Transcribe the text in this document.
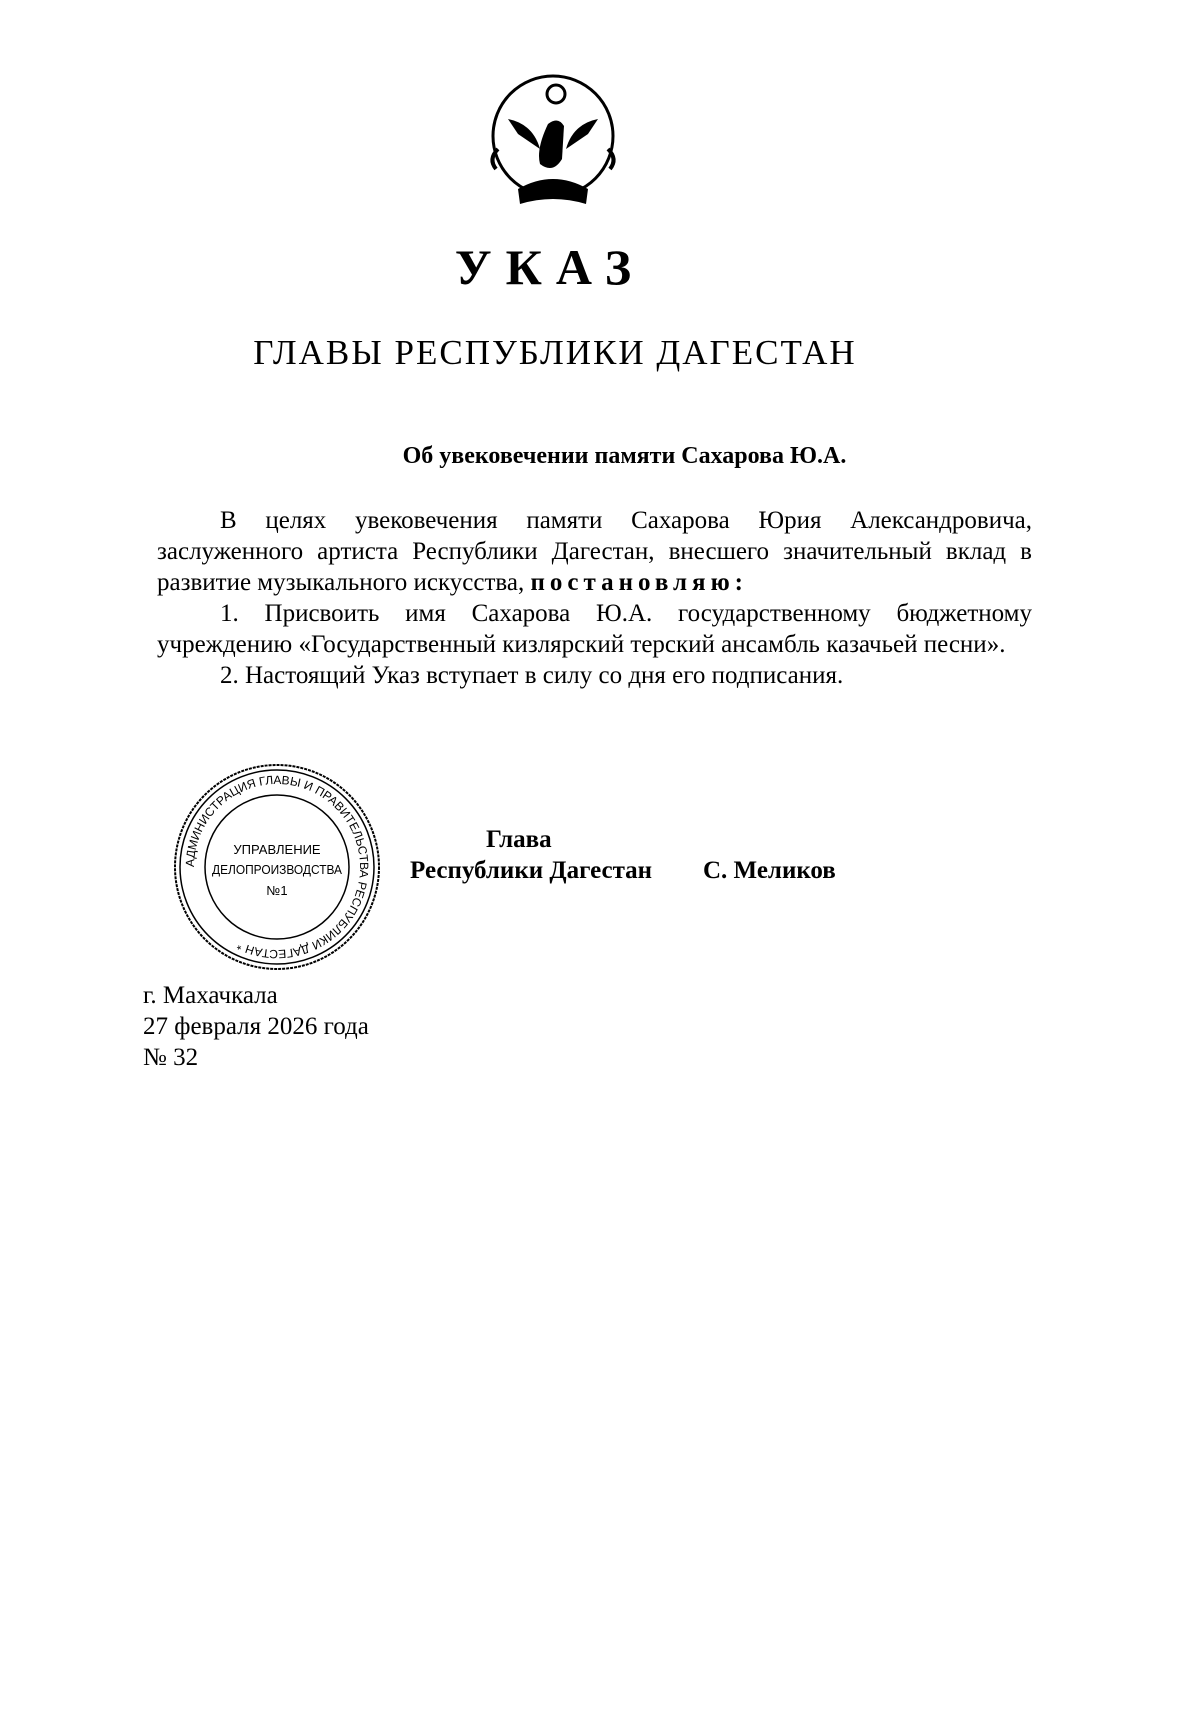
УКАЗ
ГЛАВЫ РЕСПУБЛИКИ ДАГЕСТАН
Об увековечении памяти Сахарова Ю.А.

В целях увековечения памяти Сахарова Юрия Александровича, заслуженного артиста Республики Дагестан, внесшего значительный вклад в развитие музыкального искусства, постановляю:

1. Присвоить имя Сахарова Ю.А. государственному бюджетному учреждению «Государственный кизлярский терский ансамбль казачьей песни».

2. Настоящий Указ вступает в силу со дня его подписания.

АДМИНИСТРАЦИЯ ГЛАВЫ И ПРАВИТЕЛЬСТВА РЕСПУБЛИКИ ДАГЕСТАН *
УПРАВЛЕНИЕ
ДЕЛОПРОИЗВОДСТВА
№1
Глава
Республики Дагестан С. Меликов
г. Махачкала
27 февраля 2026 года
№ 32
